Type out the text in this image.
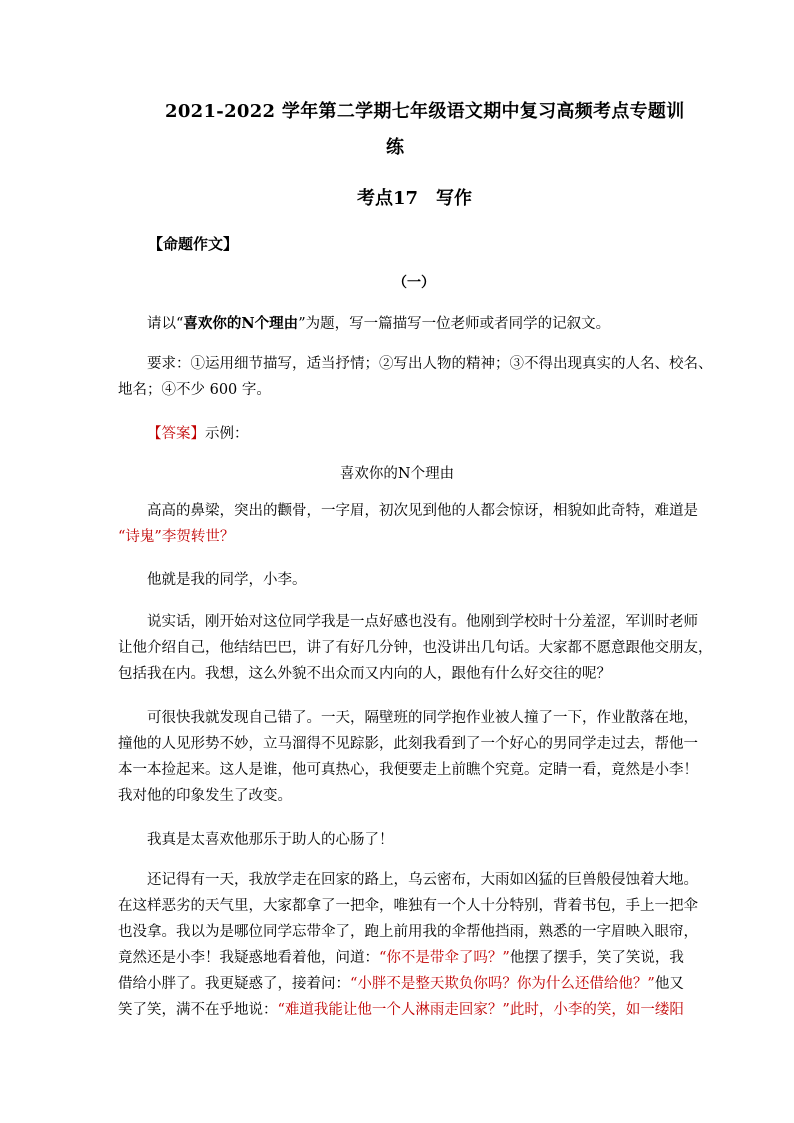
2021-2022 学年第二学期七年级语文期中复习高频考点专题训
练
考点17　写作
【命题作文】
（一）
请以“喜欢你的N个理由”为题，写一篇描写一位老师或者同学的记叙文。
要求：①运用细节描写，适当抒情；②写出人物的精神；③不得出现真实的人名、校名、
地名；④不少 600 字。
【答案】示例：
喜欢你的N个理由
高高的鼻梁，突出的颧骨，一字眉，初次见到他的人都会惊讶，相貌如此奇特，难道是
“诗鬼”李贺转世？
他就是我的同学，小李。
说实话，刚开始对这位同学我是一点好感也没有。他刚到学校时十分羞涩，军训时老师
让他介绍自己，他结结巴巴，讲了有好几分钟，也没讲出几句话。大家都不愿意跟他交朋友，
包括我在内。我想，这么外貌不出众而又内向的人，跟他有什么好交往的呢？
可很快我就发现自己错了。一天，隔壁班的同学抱作业被人撞了一下，作业散落在地，
撞他的人见形势不妙，立马溜得不见踪影，此刻我看到了一个好心的男同学走过去，帮他一
本一本捡起来。这人是谁，他可真热心，我便要走上前瞧个究竟。定睛一看，竟然是小李！
我对他的印象发生了改变。
我真是太喜欢他那乐于助人的心肠了！
还记得有一天，我放学走在回家的路上，乌云密布，大雨如凶猛的巨兽般侵蚀着大地。
在这样恶劣的天气里，大家都拿了一把伞，唯独有一个人十分特别，背着书包，手上一把伞
也没拿。我以为是哪位同学忘带伞了，跑上前用我的伞帮他挡雨，熟悉的一字眉映入眼帘，
竟然还是小李！我疑惑地看着他，问道：“你不是带伞了吗？”他摆了摆手，笑了笑说，我
借给小胖了。我更疑惑了，接着问：“小胖不是整天欺负你吗？你为什么还借给他？”他又
笑了笑，满不在乎地说：“难道我能让他一个人淋雨走回家？”此时，小李的笑，如一缕阳
